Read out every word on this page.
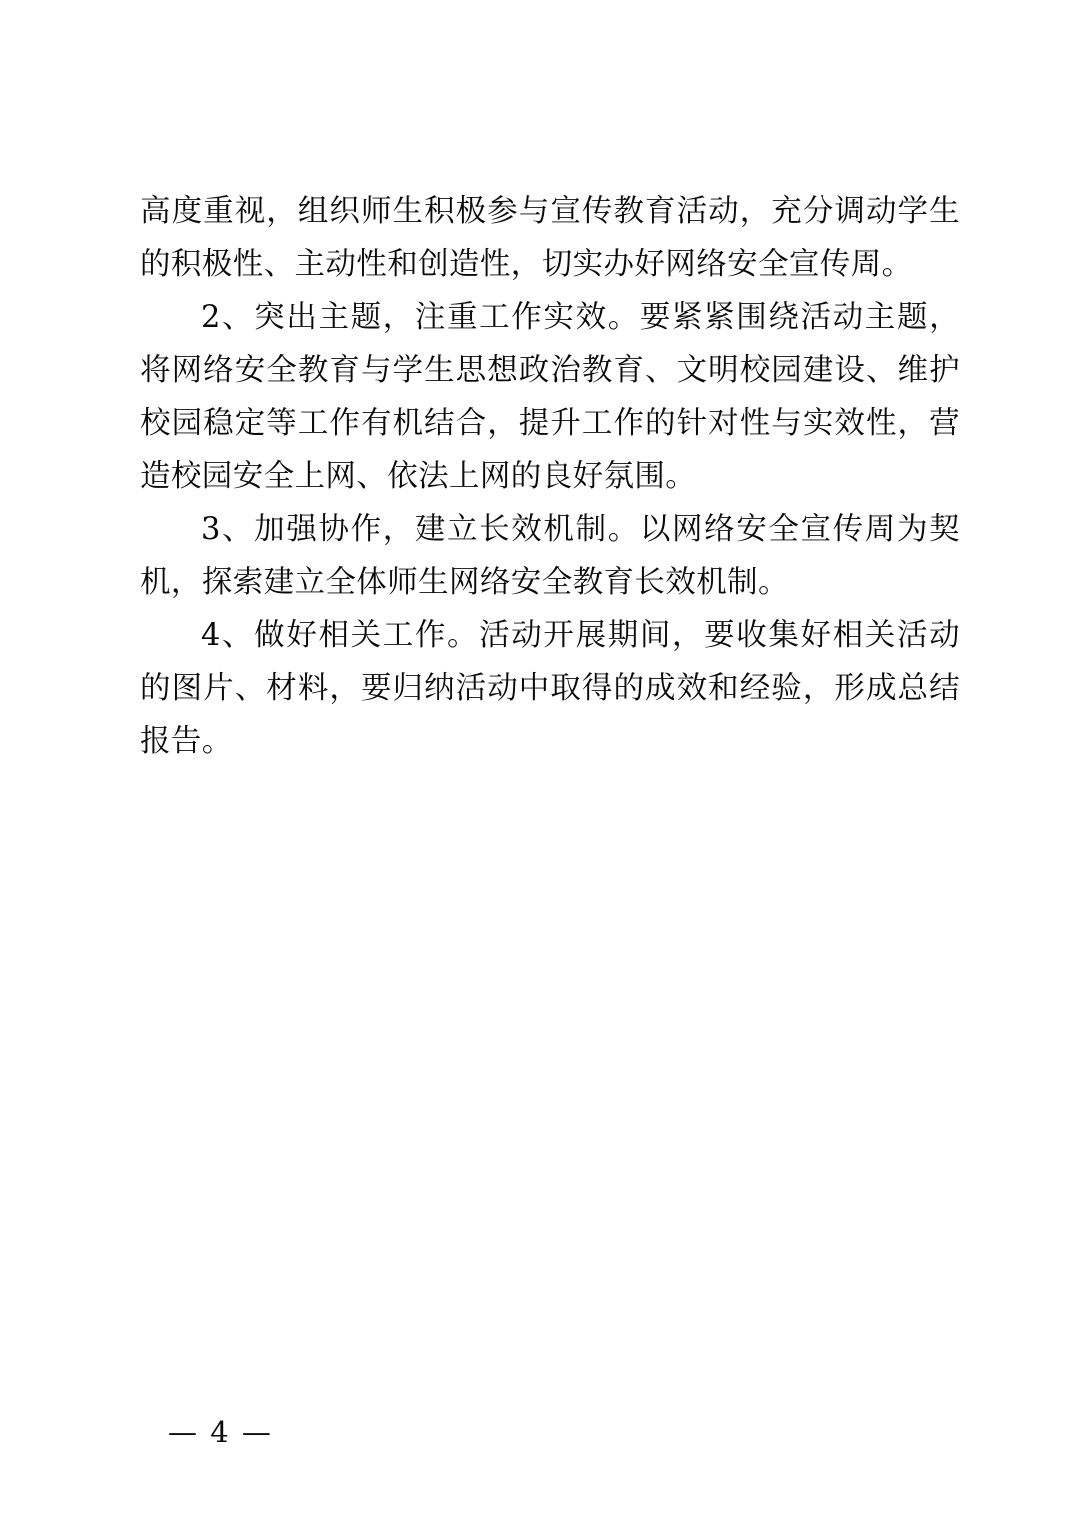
高度重视，组织师生积极参与宣传教育活动，充分调动学生的积极性、主动性和创造性，切实办好网络安全宣传周。

2、突出主题，注重工作实效。要紧紧围绕活动主题，将网络安全教育与学生思想政治教育、文明校园建设、维护校园稳定等工作有机结合，提升工作的针对性与实效性，营造校园安全上网、依法上网的良好氛围。

3、加强协作，建立长效机制。以网络安全宣传周为契机，探索建立全体师生网络安全教育长效机制。

4、做好相关工作。活动开展期间，要收集好相关活动的图片、材料，要归纳活动中取得的成效和经验，形成总结报告。

— 4 —
